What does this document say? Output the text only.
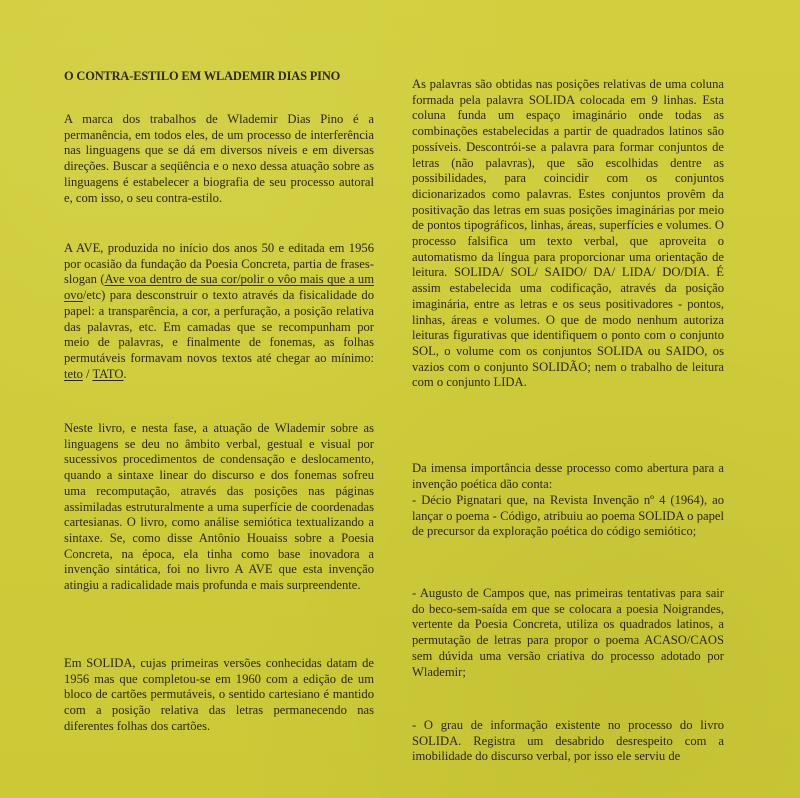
O CONTRA-ESTILO EM WLADEMIR DIAS PINO

A marca dos trabalhos de Wlademir Dias Pino é a permanência, em todos eles, de um processo de interferência nas linguagens que se dá em diversos níveis e em diversas direções. Buscar a seqüência e o nexo dessa atuação sobre as linguagens é estabelecer a biografia de seu processo autoral e, com isso, o seu contra-estilo.

A AVE, produzida no início dos anos 50 e editada em 1956 por ocasião da fundação da Poesia Concreta, partia de frases-slogan (Ave voa dentro de sua cor/polir o vôo mais que a um ovo/etc) para desconstruir o texto através da fisicalidade do papel: a transparência, a cor, a perfuração, a posição relativa das palavras, etc. Em camadas que se recompunham por meio de palavras, e finalmente de fonemas, as folhas permutáveis formavam novos textos até chegar ao mínimo: teto / TATO.

Neste livro, e nesta fase, a atuação de Wlademir sobre as linguagens se deu no âmbito verbal, gestual e visual por sucessivos procedimentos de condensação e deslocamento, quando a sintaxe linear do discurso e dos fonemas sofreu uma recomputação, através das posições nas páginas assimiladas estruturalmente a uma superfície de coordenadas cartesianas. O livro, como análise semiótica textualizando a sintaxe. Se, como disse Antônio Houaiss sobre a Poesia Concreta, na época, ela tinha como base inovadora a invenção sintática, foi no livro A AVE que esta invenção atingiu a radicalidade mais profunda e mais surpreendente.

Em SOLIDA, cujas primeiras versões conhecidas datam de 1956 mas que completou-se em 1960 com a edição de um bloco de cartões permutáveis, o sentido cartesiano é mantido com a posição relativa das letras permanecendo nas diferentes folhas dos cartões.

As palavras são obtidas nas posições relativas de uma coluna formada pela palavra SOLIDA colocada em 9 linhas. Esta coluna funda um espaço imaginário onde todas as combinações estabelecidas a partir de quadrados latinos são possíveis. Descontrói-se a palavra para formar conjuntos de letras (não palavras), que são escolhidas dentre as possibilidades, para coincidir com os conjuntos dicionarizados como palavras. Estes conjuntos provêm da positivação das letras em suas posições imaginárias por meio de pontos tipográficos, linhas, áreas, superfícies e volumes. O processo falsifica um texto verbal, que aproveita o automatismo da língua para proporcionar uma orientação de leitura. SOLIDA/ SOL/ SAIDO/ DA/ LIDA/ DO/DIA. É assim estabelecida uma codificação, através da posição imaginária, entre as letras e os seus positivadores - pontos, linhas, áreas e volumes. O que de modo nenhum autoriza leituras figurativas que identifiquem o ponto com o conjunto SOL, o volume com os conjuntos SOLIDA ou SAIDO, os vazios com o conjunto SOLIDÃO; nem o trabalho de leitura com o conjunto LIDA.

Da imensa importância desse processo como abertura para a invenção poética dão conta:

- Décio Pignatari que, na Revista Invenção nº 4 (1964), ao lançar o poema - Código, atribuiu ao poema SOLIDA o papel de precursor da exploração poética do código semiótico;

- Augusto de Campos que, nas primeiras tentativas para sair do beco-sem-saída em que se colocara a poesia Noigrandes, vertente da Poesia Concreta, utiliza os quadrados latinos, a permutação de letras para propor o poema ACASO/CAOS sem dúvida uma versão criativa do processo adotado por Wlademir;

- O grau de informação existente no processo do livro SOLIDA. Registra um desabrido desrespeito com a imobilidade do discurso verbal, por isso ele serviu de
